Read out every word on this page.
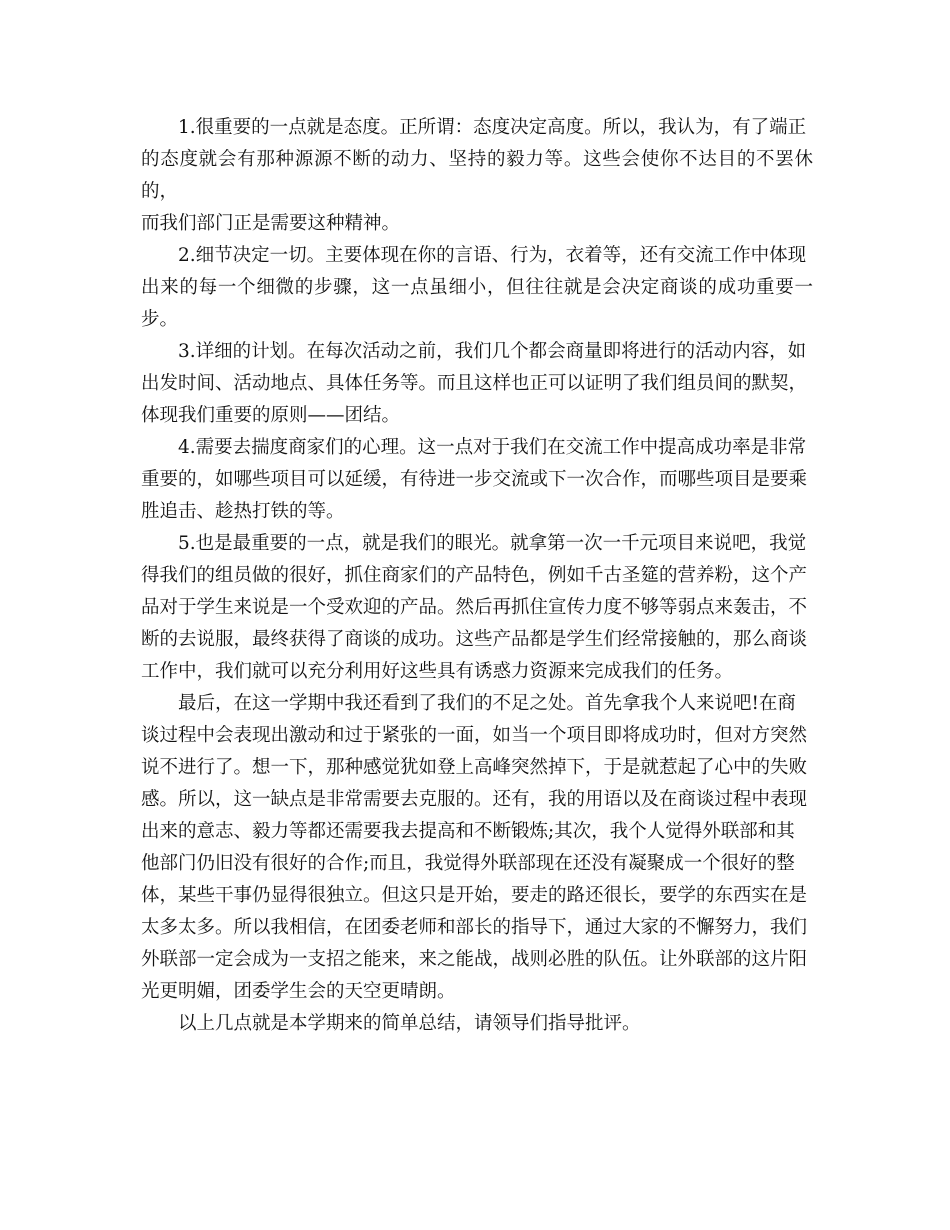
1.很重要的一点就是态度。正所谓：态度决定高度。所以，我认为，有了端正
的态度就会有那种源源不断的动力、坚持的毅力等。这些会使你不达目的不罢休的，
而我们部门正是需要这种精神。

2.细节决定一切。主要体现在你的言语、行为，衣着等，还有交流工作中体现
出来的每一个细微的步骤，这一点虽细小，但往往就是会决定商谈的成功重要一步。

3.详细的计划。在每次活动之前，我们几个都会商量即将进行的活动内容，如
出发时间、活动地点、具体任务等。而且这样也正可以证明了我们组员间的默契，
体现我们重要的原则——团结。

4.需要去揣度商家们的心理。这一点对于我们在交流工作中提高成功率是非常
重要的，如哪些项目可以延缓，有待进一步交流或下一次合作，而哪些项目是要乘
胜追击、趁热打铁的等。

5.也是最重要的一点，就是我们的眼光。就拿第一次一千元项目来说吧，我觉
得我们的组员做的很好，抓住商家们的产品特色，例如千古圣筵的营养粉，这个产
品对于学生来说是一个受欢迎的产品。然后再抓住宣传力度不够等弱点来轰击，不
断的去说服，最终获得了商谈的成功。这些产品都是学生们经常接触的，那么商谈
工作中，我们就可以充分利用好这些具有诱惑力资源来完成我们的任务。

最后，在这一学期中我还看到了我们的不足之处。首先拿我个人来说吧!在商
谈过程中会表现出激动和过于紧张的一面，如当一个项目即将成功时，但对方突然
说不进行了。想一下，那种感觉犹如登上高峰突然掉下，于是就惹起了心中的失败
感。所以，这一缺点是非常需要去克服的。还有，我的用语以及在商谈过程中表现
出来的意志、毅力等都还需要我去提高和不断锻炼;其次，我个人觉得外联部和其
他部门仍旧没有很好的合作;而且，我觉得外联部现在还没有凝聚成一个很好的整
体，某些干事仍显得很独立。但这只是开始，要走的路还很长，要学的东西实在是
太多太多。所以我相信，在团委老师和部长的指导下，通过大家的不懈努力，我们
外联部一定会成为一支招之能来，来之能战，战则必胜的队伍。让外联部的这片阳
光更明媚，团委学生会的天空更晴朗。

以上几点就是本学期来的简单总结，请领导们指导批评。
